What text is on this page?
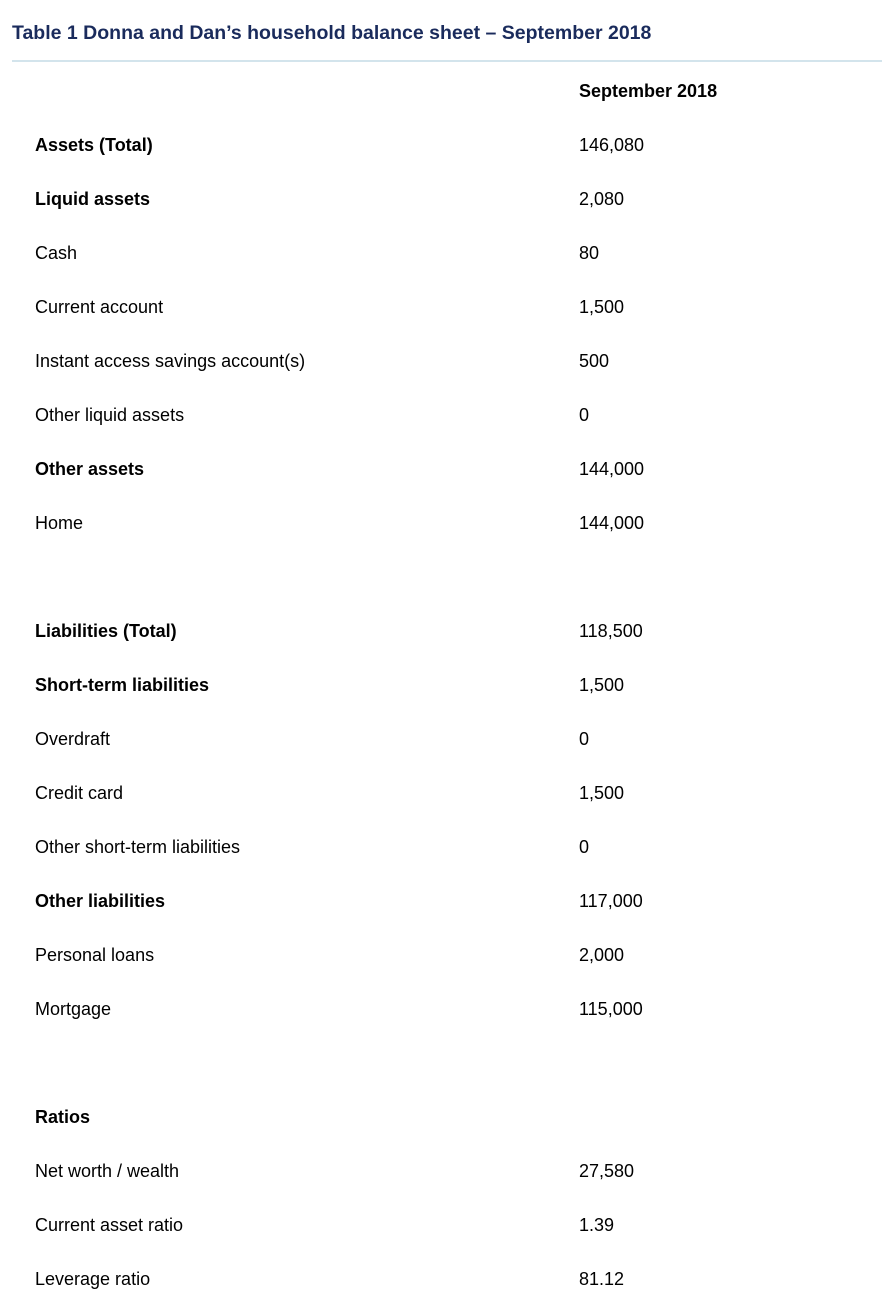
Table 1 Donna and Dan’s household balance sheet – September 2018
September 2018
Assets (Total)	146,080
Liquid assets	2,080
Cash	80
Current account	1,500
Instant access savings account(s)	500
Other liquid assets	0
Other assets	144,000
Home	144,000
Liabilities (Total)	118,500
Short-term liabilities	1,500
Overdraft	0
Credit card	1,500
Other short-term liabilities	0
Other liabilities	117,000
Personal loans	2,000
Mortgage	115,000
Ratios
Net worth / wealth	27,580
Current asset ratio	1.39
Leverage ratio	81.12
